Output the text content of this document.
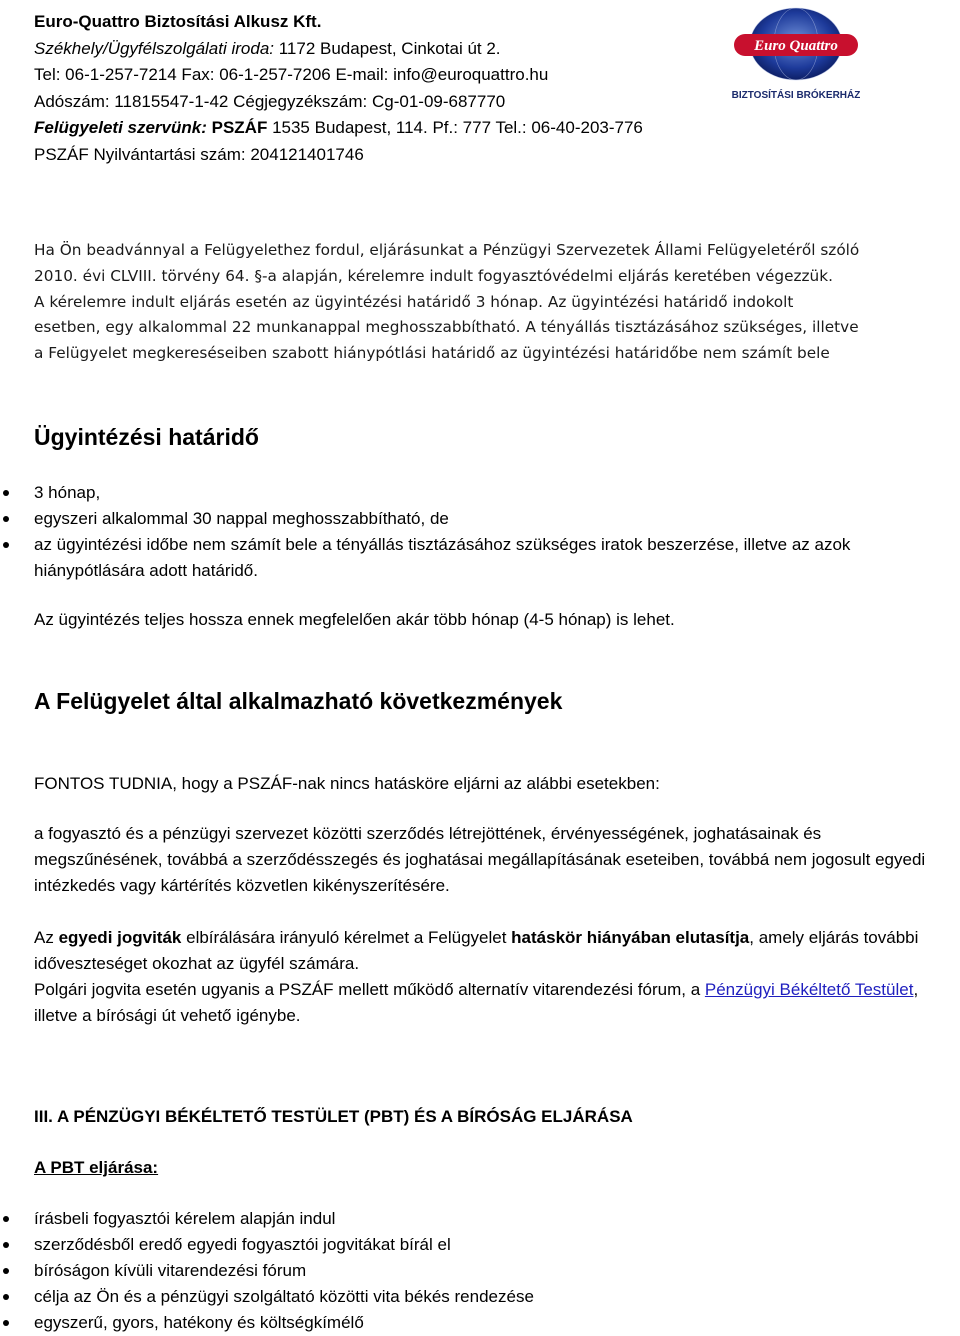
Euro-Quattro Biztosítási Alkusz Kft.
Székhely/Ügyfélszolgálati iroda: 1172 Budapest, Cinkotai út 2.
Tel: 06-1-257-7214 Fax: 06-1-257-7206 E-mail: info@euroquattro.hu
Adószám: 11815547-1-42 Cégjegyzékszám: Cg-01-09-687770
Felügyeleti szervünk: PSZÁF 1535 Budapest, 114. Pf.: 777 Tel.: 06-40-203-776
PSZÁF Nyilvántartási szám: 204121401746
Euro Quattro
BIZTOSÍTÁSI BRÓKERHÁZ
Ha Ön beadvánnyal a Felügyelethez fordul, eljárásunkat a Pénzügyi Szervezetek Állami Felügyeletéről szóló
2010. évi CLVIII. törvény 64. §-a alapján, kérelemre indult fogyasztóvédelmi eljárás keretében végezzük.
A kérelemre indult eljárás esetén az ügyintézési határidő 3 hónap. Az ügyintézési határidő indokolt
esetben, egy alkalommal 22 munkanappal meghosszabbítható. A tényállás tisztázásához szükséges, illetve
a Felügyelet megkereséseiben szabott hiánypótlási határidő az ügyintézési határidőbe nem számít bele
Ügyintézési határidő
3 hónap,
egyszeri alkalommal 30 nappal meghosszabbítható, de
az ügyintézési időbe nem számít bele a tényállás tisztázásához szükséges iratok beszerzése, illetve az azok hiánypótlására adott határidő.
Az ügyintézés teljes hossza ennek megfelelően akár több hónap (4-5 hónap) is lehet.
A Felügyelet által alkalmazható következmények
FONTOS TUDNIA, hogy a PSZÁF-nak nincs hatásköre eljárni az alábbi esetekben:
a fogyasztó és a pénzügyi szervezet közötti szerződés létrejöttének, érvényességének, joghatásainak és megszűnésének, továbbá a szerződésszegés és joghatásai megállapításának eseteiben, továbbá nem jogosult egyedi intézkedés vagy kártérítés közvetlen kikényszerítésére.
Az egyedi jogviták elbírálására irányuló kérelmet a Felügyelet hatáskör hiányában elutasítja, amely eljárás további időveszteséget okozhat az ügyfél számára.
Polgári jogvita esetén ugyanis a PSZÁF mellett működő alternatív vitarendezési fórum, a Pénzügyi Békéltető Testület, illetve a bírósági út vehető igénybe.
III. A PÉNZÜGYI BÉKÉLTETŐ TESTÜLET (PBT) ÉS A BÍRÓSÁG ELJÁRÁSA
A PBT eljárása:
írásbeli fogyasztói kérelem alapján indul
szerződésből eredő egyedi fogyasztói jogvitákat bírál el
bíróságon kívüli vitarendezési fórum
célja az Ön és a pénzügyi szolgáltató közötti vita békés rendezése
egyszerű, gyors, hatékony és költségkímélő
